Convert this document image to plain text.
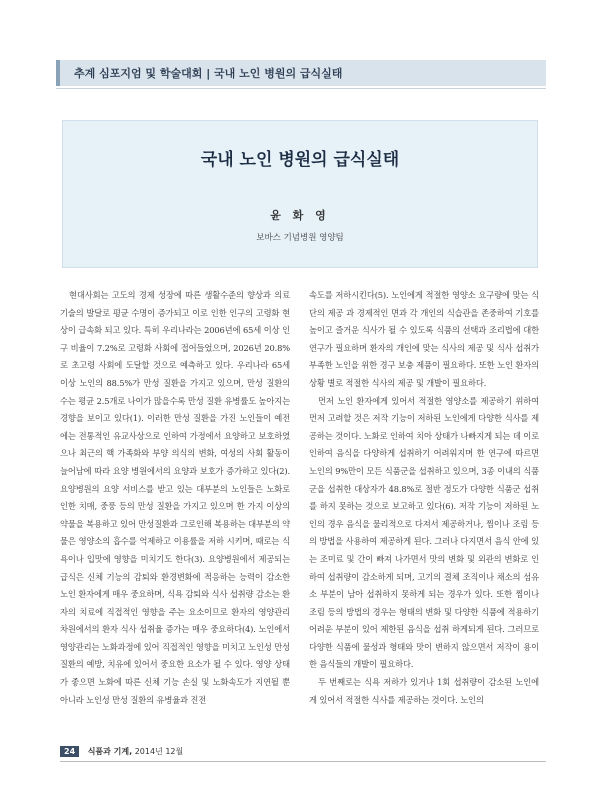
추계 심포지엄 및 학술대회 | 국내 노인 병원의 급식실태
국내 노인 병원의 급식실태
윤 화 영
보바스 기념병원 영양팀

현대사회는 고도의 경제 성장에 따른 생활수준의 향상과 의료 기술의 발달로 평균 수명이 증가되고 이로 인한 인구의 고령화 현상이 급속화 되고 있다. 특히 우리나라는 2006년에 65세 이상 인구 비율이 7.2%로 고령화 사회에 접어들었으며, 2026년 20.8%로 초고령 사회에 도달할 것으로 예측하고 있다. 우리나라 65세 이상 노인의 88.5%가 만성 질환을 가지고 있으며, 만성 질환의 수는 평균 2.5개로 나이가 많을수록 만성 질환 유병률도 높아지는 경향을 보이고 있다(1). 이러한 만성 질환을 가진 노인들이 예전에는 전통적인 유교사상으로 인하여 가정에서 요양하고 보호하였으나 최근의 핵 가족화와 부양 의식의 변화, 여성의 사회 활동이 늘어남에 따라 요양 병원에서의 요양과 보호가 증가하고 있다(2). 요양병원의 요양 서비스를 받고 있는 대부분의 노인들은 노화로 인한 치매, 중풍 등의 만성 질환을 가지고 있으며 한 가지 이상의 약물을 복용하고 있어 만성질환과 그로인해 복용하는 대부분의 약물은 영양소의 흡수를 억제하고 이용률을 저하 시키며, 때로는 식욕이나 입맛에 영향을 미치기도 한다(3). 요양병원에서 제공되는 급식은 신체 기능의 감퇴와 환경변화에 적응하는 능력이 감소한 노인 환자에게 매우 중요하며, 식욕 감퇴와 식사 섭취량 감소는 환자의 치료에 직접적인 영향을 주는 요소이므로 환자의 영양관리 차원에서의 환자 식사 섭취율 증가는 매우 중요하다(4). 노인에서 영양관리는 노화과정에 있어 직접적인 영향을 미치고 노인성 만성 질환의 예방, 치유에 있어서 중요한 요소가 될 수 있다. 영양 상태가 좋으면 노화에 따른 신체 기능 손실 및 노화속도가 지연될 뿐 아니라 노인성 만성 질환의 유병율과 진전

속도를 저하시킨다(5). 노인에게 적절한 영양소 요구량에 맞는 식단의 제공 과 경제적인 면과 각 개인의 식습관을 존중하여 기호를 높이고 즐거운 식사가 될 수 있도록 식품의 선택과 조리법에 대한 연구가 필요하며 환자의 개인에 맞는 식사의 제공 및 식사 섭취가 부족한 노인을 위한 경구 보충 제품이 필요하다. 또한 노인 환자의 상황 별로 적절한 식사의 제공 및 개발이 필요하다.

먼저 노인 환자에게 있어서 적절한 영양소를 제공하기 위하여 먼저 고려할 것은 저작 기능이 저하된 노인에게 다양한 식사를 제공하는 것이다. 노화로 인하여 치아 상태가 나빠지게 되는 데 이로 인하여 음식을 다양하게 섭취하기 어려워지며 한 연구에 따르면 노인의 9%만이 모든 식품군을 섭취하고 있으며, 3종 이내의 식품군을 섭취한 대상자가 48.8%로 절반 정도가 다양한 식품군 섭취를 하지 못하는 것으로 보고하고 있다(6). 저작 기능이 저하된 노인의 경우 음식을 물리적으로 다져서 제공하거나, 찜이나 조림 등의 방법을 사용하여 제공하게 된다. 그러나 다지면서 음식 안에 있는 조미료 및 간이 빠져 나가면서 맛의 변화 및 외관의 변화로 인하여 섭취량이 감소하게 되며, 고기의 결체 조직이나 채소의 섬유소 부분이 남아 섭취하지 못하게 되는 경우가 있다. 또한 찜이나 조림 등의 방법의 경우는 형태의 변화 및 다양한 식품에 적용하기 어려운 부분이 있어 제한된 음식을 섭취 하게되게 된다. 그러므로 다양한 식품에 물성과 형태와 맛이 변하지 않으면서 저작이 용이한 음식들의 개발이 필요하다.

두 번째로는 식욕 저하가 있거나 1회 섭취량이 감소된 노인에게 있어서 적절한 식사를 제공하는 것이다. 노인의

24 식품과 기계, 2014년 12월
